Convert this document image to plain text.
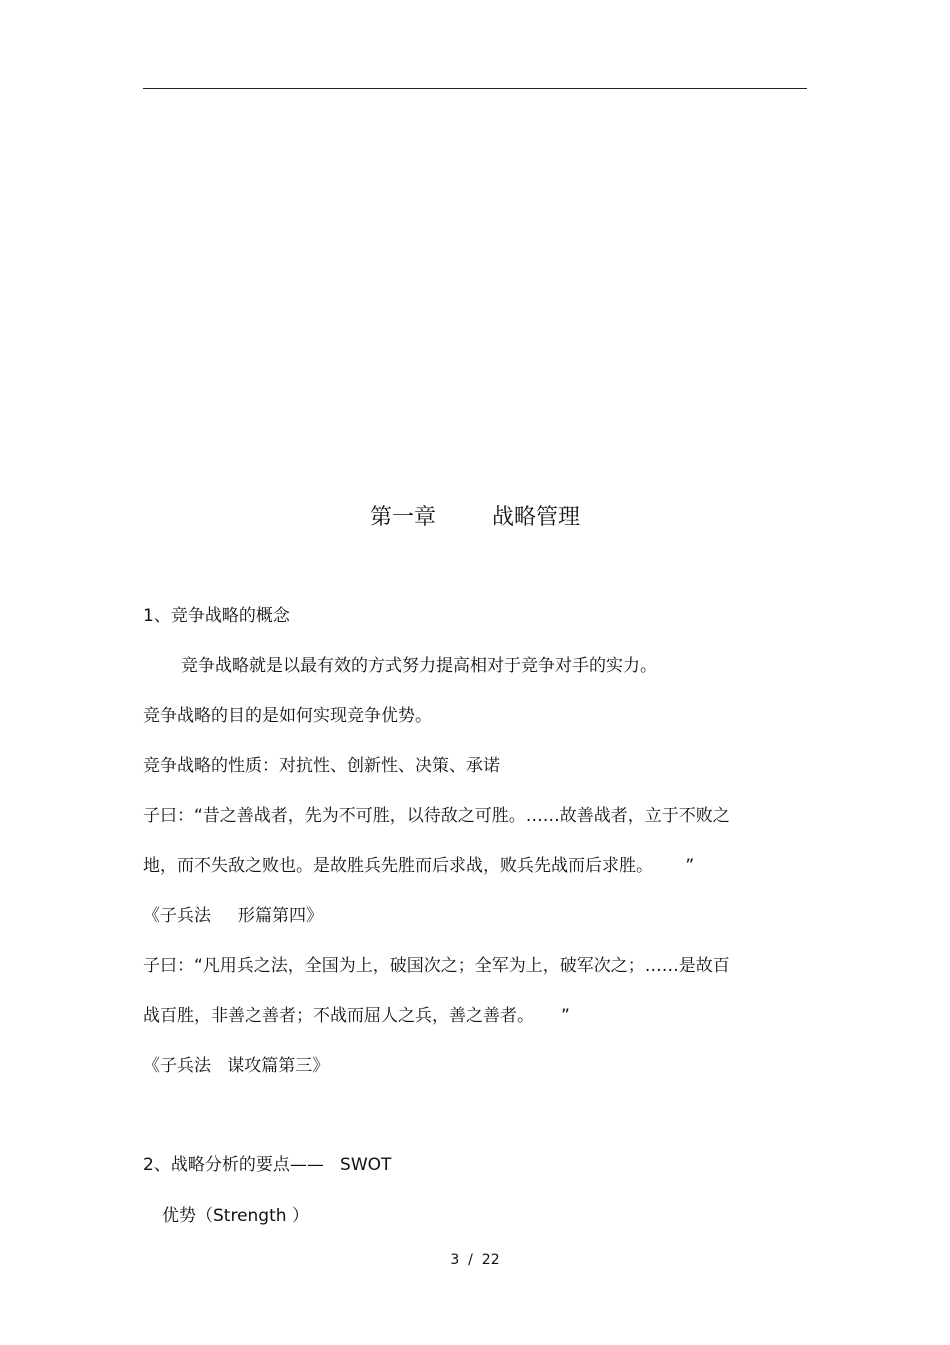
第一章        战略管理
1、竞争战略的概念
竞争战略就是以最有效的方式努力提高相对于竞争对手的实力。
竞争战略的目的是如何实现竞争优势。
竞争战略的性质：对抗性、创新性、决策、承诺
子曰：“昔之善战者，先为不可胜，以待敌之可胜。……故善战者，立于不败之
地，而不失敌之败也。是故胜兵先胜而后求战，败兵先战而后求胜。      ”
《子兵法     形篇第四》
子曰：“凡用兵之法，全国为上，破国次之；全军为上，破军次之；……是故百
战百胜，非善之善者；不战而屈人之兵，善之善者。     ”
《子兵法   谋攻篇第三》
2、战略分析的要点——   SWOT
优势（Strength ）
3  /  22
